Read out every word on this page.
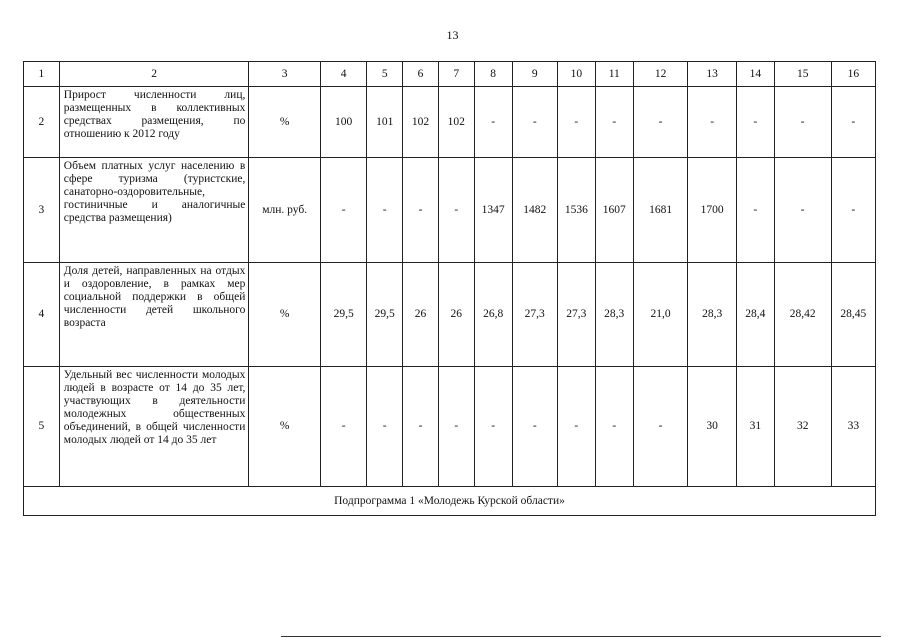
13
1	2	3	4	5	6	7	8	9	10	11	12	13	14	15	16
2	Прирост численности лиц, размещенных в коллективных средствах размещения, по отношению к 2012 году	%	100	101	102	102	-	-	-	-	-	-	-	-	-
3	Объем платных услуг населению в сфере туризма (туристские, санаторно-оздоровительные, гостиничные и аналогичные средства размещения)	млн. руб.	-	-	-	-	1347	1482	1536	1607	1681	1700	-	-	-
4	Доля детей, направленных на отдых и оздоровление, в рамках мер социальной поддержки в общей численности детей школьного возраста	%	29,5	29,5	26	26	26,8	27,3	27,3	28,3	21,0	28,3	28,4	28,42	28,45
5	Удельный вес численности молодых людей в возрасте от 14 до 35 лет, участвующих в деятельности молодежных общественных объединений, в общей численности молодых людей от 14 до 35 лет	%	-	-	-	-	-	-	-	-	-	30	31	32	33
Подпрограмма 1 «Молодежь Курской области»															
